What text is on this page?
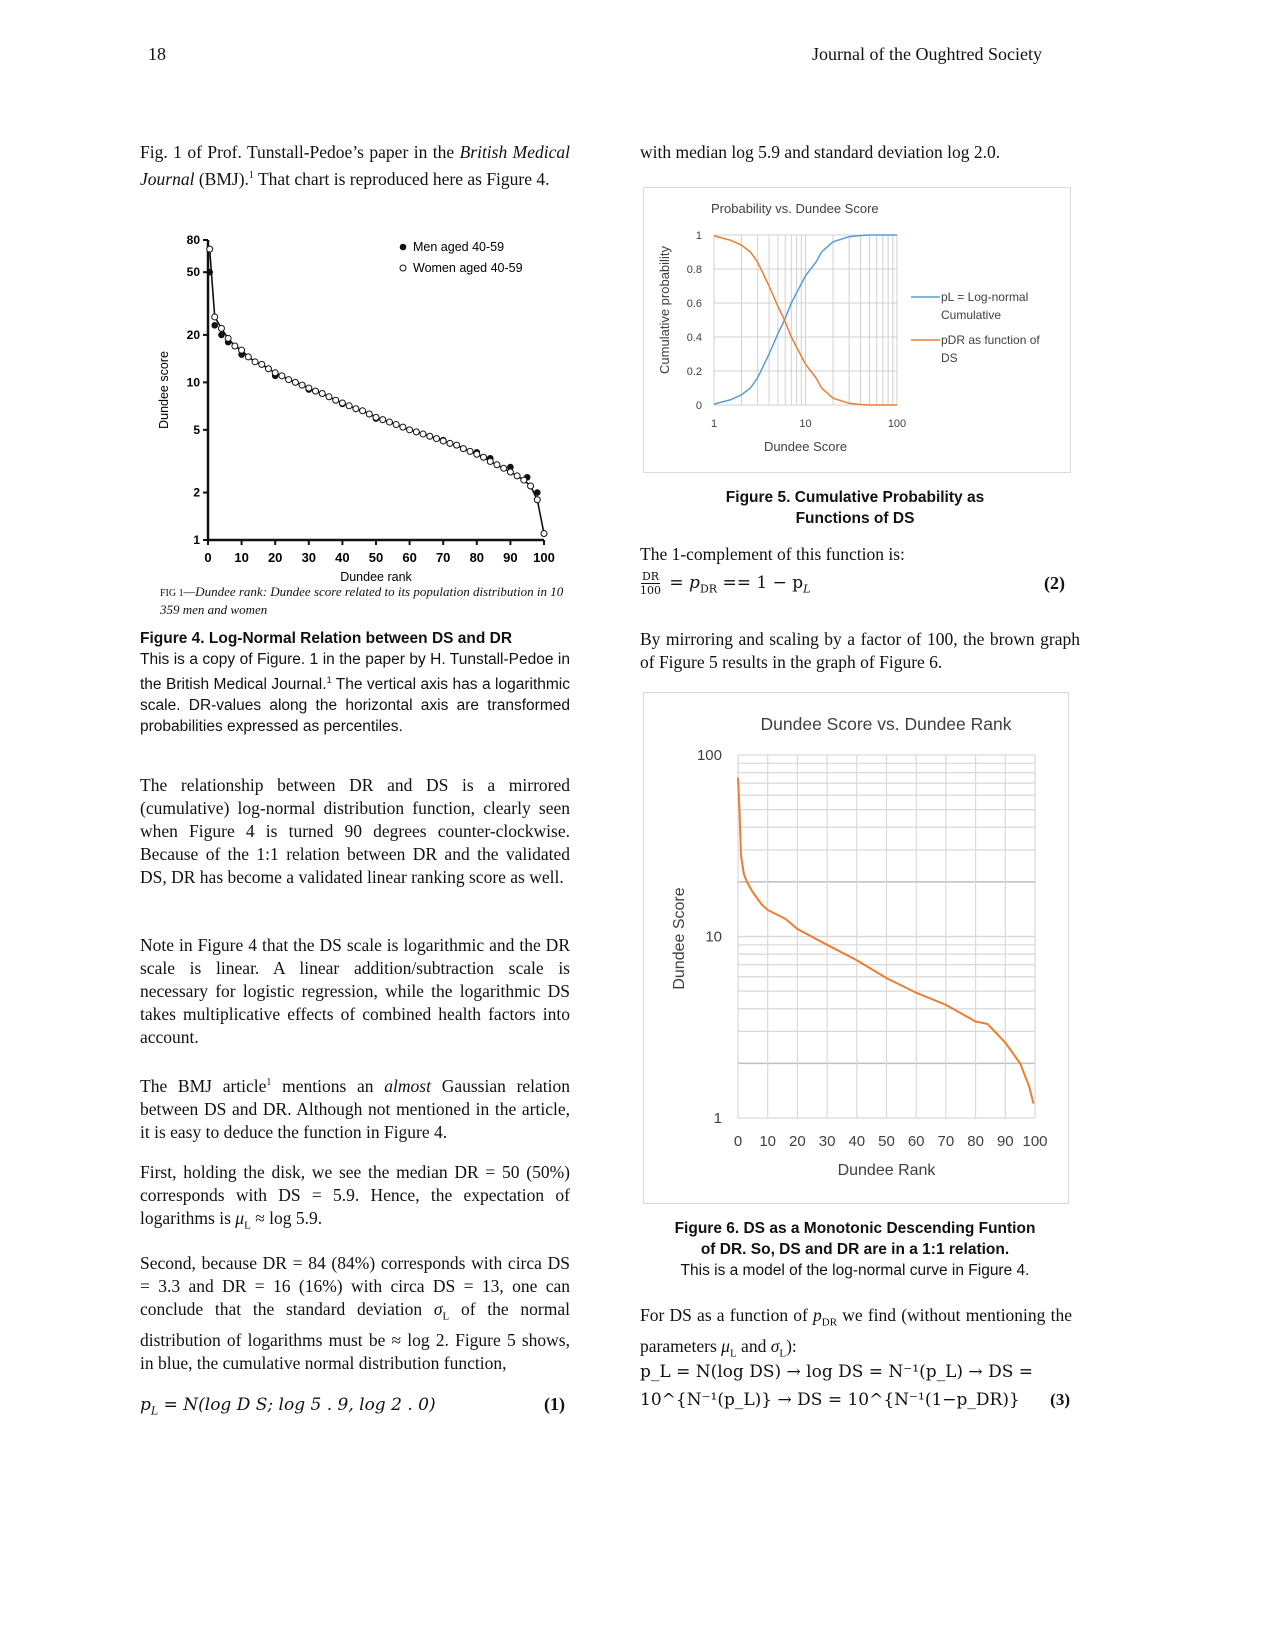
18	Journal of the Oughtred Society

Fig. 1 of Prof. Tunstall-Pedoe’s paper in the British Medical Journal (BMJ).$^1$ That chart is reproduced here as Figure 4.

1
2
5
10
20
50
80
0 10 20 30 40 50 60 70 80 90 100
Dundee rank
Dundee score
Men aged 40-59
Women aged 40-59
FIG 1—Dundee rank: Dundee score related to its population distribution in 10 359 men and women
Figure 4. Log-Normal Relation between DS and DR
This is a copy of Figure. 1 in the paper by H. Tunstall-Pedoe in the British Medical Journal.$^1$ The vertical axis has a logarithmic scale. DR-values along the horizontal axis are transformed probabilities expressed as percentiles.

The relationship between DR and DS is a mirrored (cumulative) log-normal distribution function, clearly seen when Figure 4 is turned 90 degrees counter-clockwise. Because of the 1:1 relation between DR and the validated DS, DR has become a validated linear ranking score as well.

Note in Figure 4 that the DS scale is logarithmic and the DR scale is linear. A linear addition/subtraction scale is necessary for logistic regression, while the logarithmic DS takes multiplicative effects of combined health factors into account.

The BMJ article$^1$ mentions an almost Gaussian relation between DS and DR. Although not mentioned in the article, it is easy to deduce the function in Figure 4.

First, holding the disk, we see the median DR = 50 (50%) corresponds with DS = 5.9. Hence, the expectation of logarithms is $\mu_L \approx \log 5.9$.

Second, because DR = 84 (84%) corresponds with circa DS = 3.3 and DR = 16 (16%) with circa DS = 13, one can conclude that the standard deviation $\sigma_L$ of the normal distribution of logarithms must be ≈ log 2. Figure 5 shows, in blue, the cumulative normal distribution function,

$p_L = N(\log$ D S; log 5 . 9, log 2 . 0)	(1)

with median log 5.9 and standard deviation log 2.0.

0
0.2
0.4
0.6
0.8
1
1	10	100
Dundee Score
Cumulative probability
Probability vs. Dundee Score
pL = Log-normal
Cumulative
pDR as function of
DS
Figure 5. Cumulative Probability as
Functions of DS

The 1-complement of this function is:

$\frac{DR}{100} = p_{DR} == 1 - p_L$	(2)

By mirroring and scaling by a factor of 100, the brown graph of Figure 5 results in the graph of Figure 6.

1
10
100
0 10 20 30 40 50 60 70 80 90 100
Dundee Rank
Dundee Score
Dundee Score vs. Dundee Rank
Figure 6. DS as a Monotonic Descending Funtion
of DR. So, DS and DR are in a 1:1 relation.
This is a model of the log-normal curve in Figure 4.

For DS as a function of $p_{DR}$ we find (without mentioning the parameters $\mu_L$ and $\sigma_L$):

p_L = N(log DS) → log DS = N⁻¹(p_L) → DS =
10^{N⁻¹(p_L)} → DS = 10^{N⁻¹(1−p_DR)} (3)
